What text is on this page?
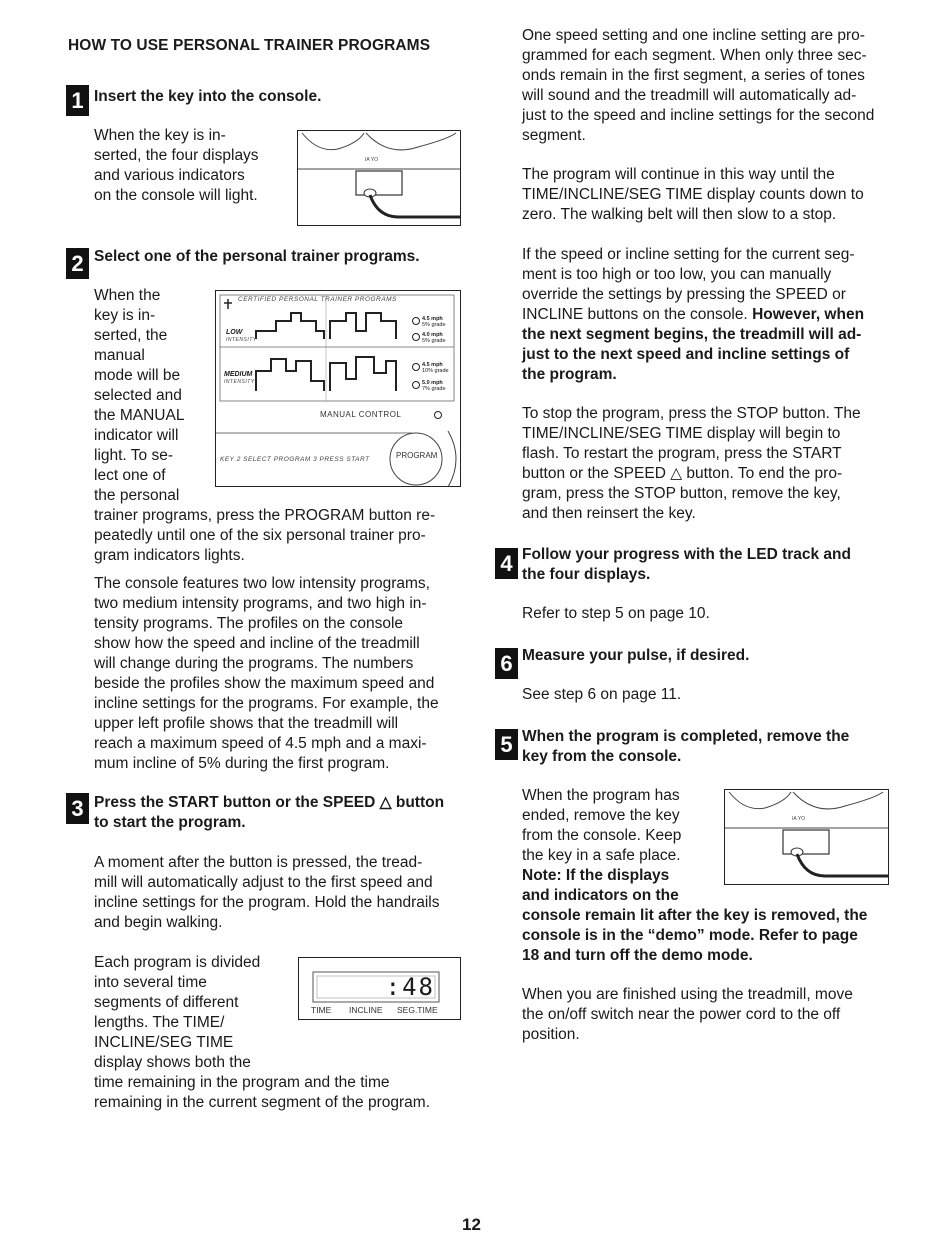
HOW TO USE PERSONAL TRAINER PROGRAMS
1 Insert the key into the console.

When the key is in-

serted, the four displays

and various indicators

on the console will light.

IA YO
2 Select one of the personal trainer programs.

When the

key is in-

serted, the

manual

mode will be

selected and

the MANUAL

indicator will

light. To se-

lect one of

the personal

trainer programs, press the PROGRAM button re-

peatedly until one of the six personal trainer pro-

gram indicators lights.

The console features two low intensity programs,

two medium intensity programs, and two high in-

tensity programs. The profiles on the console

show how the speed and incline of the treadmill

will change during the programs. The numbers

beside the profiles show the maximum speed and

incline settings for the programs. For example, the

upper left profile shows that the treadmill will

reach a maximum speed of 4.5 mph and a maxi-

mum incline of 5% during the first program.

CERTIFIED PERSONAL TRAINER PROGRAMS
LOW
INTENSITY
MEDIUM
INTENSITY
4.5 mph
5% grade
4.0 mph
5% grade
4.5 mph
10% grade
5.0 mph
7% grade
MANUAL CONTROL
KEY 2 SELECT PROGRAM 3 PRESS START	PROGRAM
3 Press the START button or the SPEED △ button

to start the program.

A moment after the button is pressed, the tread-

mill will automatically adjust to the first speed and

incline settings for the program. Hold the handrails

and begin walking.

Each program is divided

into several time

segments of different

lengths. The TIME/

INCLINE/SEG TIME

display shows both the

time remaining in the program and the time

remaining in the current segment of the program.

:48
TIME INCLINE SEG.TIME

One speed setting and one incline setting are pro-

grammed for each segment. When only three sec-

onds remain in the first segment, a series of tones

will sound and the treadmill will automatically ad-

just to the speed and incline settings for the second

segment.

The program will continue in this way until the

TIME/INCLINE/SEG TIME display counts down to

zero. The walking belt will then slow to a stop.

If the speed or incline setting for the current seg-

ment is too high or too low, you can manually

override the settings by pressing the SPEED or

INCLINE buttons on the console. However, when

the next segment begins, the treadmill will ad-

just to the next speed and incline settings of

the program.

To stop the program, press the STOP button. The

TIME/INCLINE/SEG TIME display will begin to

flash. To restart the program, press the START

button or the SPEED △ button. To end the pro-

gram, press the STOP button, remove the key,

and then reinsert the key.

4 Follow your progress with the LED track and

the four displays.

Refer to step 5 on page 10.
6 Measure your pulse, if desired.
See step 6 on page 11.
5 When the program is completed, remove the

key from the console.

When the program has

ended, remove the key

from the console. Keep

the key in a safe place.

Note: If the displays

and indicators on the

console remain lit after the key is removed, the

console is in the “demo” mode. Refer to page

18 and turn off the demo mode.

When you are finished using the treadmill, move

the on/off switch near the power cord to the off

position.

IA YO
12
